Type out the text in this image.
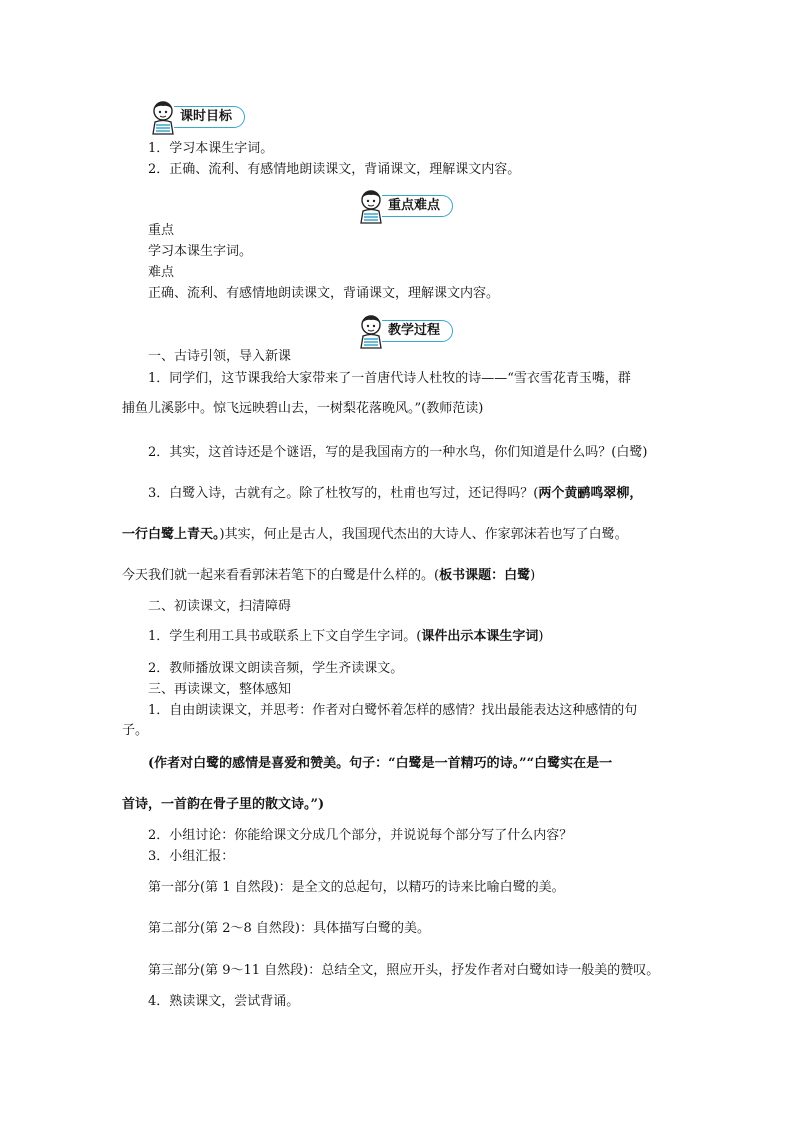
课时目标
1．学习本课生字词。
2．正确、流利、有感情地朗读课文，背诵课文，理解课文内容。
重点难点
重点
学习本课生字词。
难点
正确、流利、有感情地朗读课文，背诵课文，理解课文内容。
教学过程
一、古诗引领，导入新课
1．同学们，这节课我给大家带来了一首唐代诗人杜牧的诗——“雪衣雪花青玉嘴，群
捕鱼儿溪影中。惊飞远映碧山去，一树梨花落晚风。”(教师范读)
2．其实，这首诗还是个谜语，写的是我国南方的一种水鸟，你们知道是什么吗？(白鹭)
3．白鹭入诗，古就有之。除了杜牧写的，杜甫也写过，还记得吗？(两个黄鹂鸣翠柳，
一行白鹭上青天。)其实，何止是古人，我国现代杰出的大诗人、作家郭沫若也写了白鹭。
今天我们就一起来看看郭沫若笔下的白鹭是什么样的。(板书课题：白鹭)
二、初读课文，扫清障碍
1．学生利用工具书或联系上下文自学生字词。(课件出示本课生字词)
2．教师播放课文朗读音频，学生齐读课文。
三、再读课文，整体感知
1．自由朗读课文，并思考：作者对白鹭怀着怎样的感情？找出最能表达这种感情的句
子。
(作者对白鹭的感情是喜爱和赞美。句子：“白鹭是一首精巧的诗。”“白鹭实在是一
首诗，一首韵在骨子里的散文诗。”)
2．小组讨论：你能给课文分成几个部分，并说说每个部分写了什么内容？
3．小组汇报：
第一部分(第 1 自然段)：是全文的总起句，以精巧的诗来比喻白鹭的美。
第二部分(第 2～8 自然段)：具体描写白鹭的美。
第三部分(第 9～11 自然段)：总结全文，照应开头，抒发作者对白鹭如诗一般美的赞叹。
4．熟读课文，尝试背诵。
